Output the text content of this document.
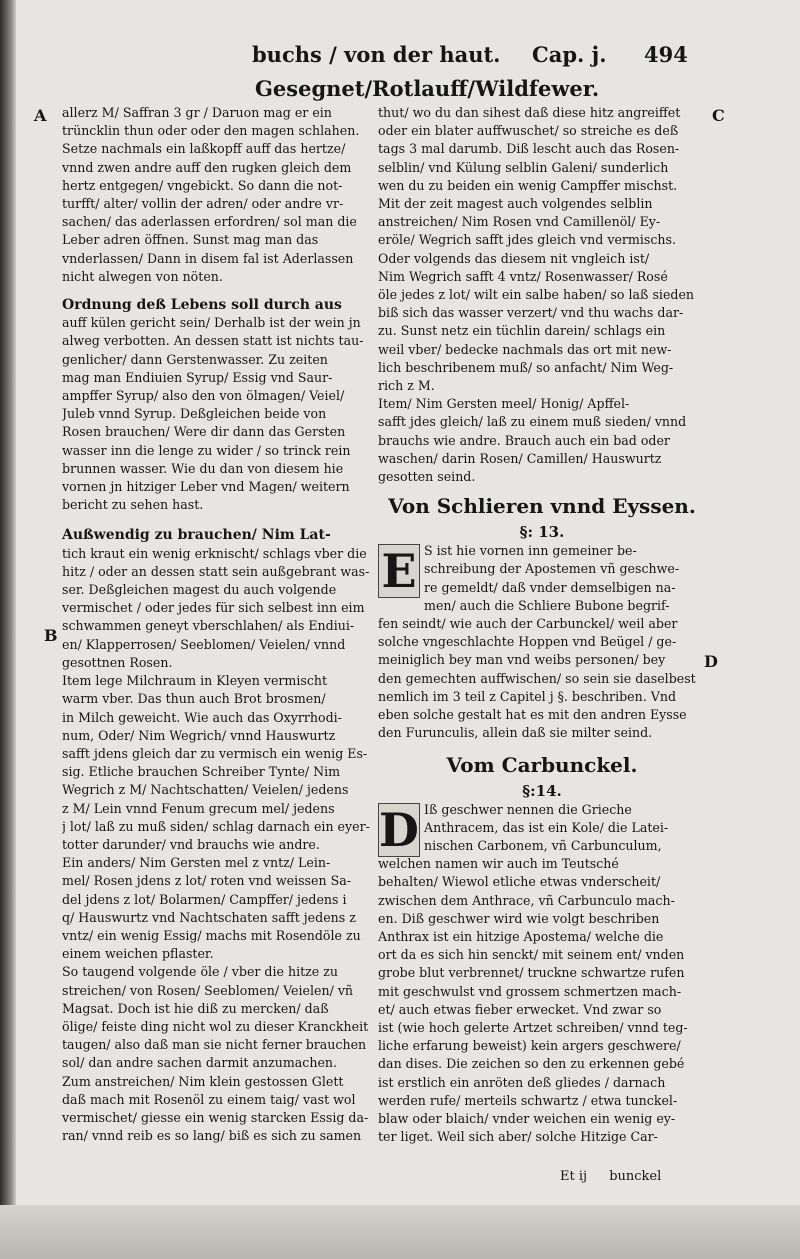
buchs / von der haut. Cap. j. 494
Gesegnet/Rotlauff/Wildfewer.
A
B
C
D
allerz M/ Saffran 3 gr / Daruon mag er ein
trüncklin thun oder oder den magen schlahen.
Setze nachmals ein laßkopff auff das hertze/
vnnd zwen andre auff den rugken gleich dem
hertz entgegen/ vngebickt. So dann die not-
turfft/ alter/ vollin der adren/ oder andre vr-
sachen/ das aderlassen erfordren/ sol man die
Leber adren öffnen. Sunst mag man das
vnderlassen/ Dann in disem fal ist Aderlassen
nicht alwegen von nöten.
Ordnung deß Lebens soll durch aus
auff külen gericht sein/ Derhalb ist der wein jn
alweg verbotten. An dessen statt ist nichts tau-
genlicher/ dann Gerstenwasser. Zu zeiten
mag man Endiuien Syrup/ Essig vnd Saur-
ampffer Syrup/ also den von ölmagen/ Veiel/
Juleb vnnd Syrup. Deßgleichen beide von
Rosen brauchen/ Were dir dann das Gersten
wasser inn die lenge zu wider / so trinck rein
brunnen wasser. Wie du dan von diesem hie
vornen jn hitziger Leber vnd Magen/ weitern
bericht zu sehen hast.
Außwendig zu brauchen/ Nim Lat-
tich kraut ein wenig erknischt/ schlags vber die
hitz / oder an dessen statt sein außgebrant was-
ser. Deßgleichen magest du auch volgende
vermischet / oder jedes für sich selbest inn eim
schwammen geneyt vberschlahen/ als Endiui-
en/ Klapperrosen/ Seeblomen/ Veielen/ vnnd
gesottnen Rosen.
Item lege Milchraum in Kleyen vermischt
warm vber. Das thun auch Brot brosmen/
in Milch geweicht. Wie auch das Oxyrrhodi-
num, Oder/ Nim Wegrich/ vnnd Hauswurtz
safft jdens gleich dar zu vermisch ein wenig Es-
sig. Etliche brauchen Schreiber Tynte/ Nim
Wegrich z M/ Nachtschatten/ Veielen/ jedens
z M/ Lein vnnd Fenum grecum mel/ jedens
j lot/ laß zu muß siden/ schlag darnach ein eyer-
totter darunder/ vnd brauchs wie andre.
Ein anders/ Nim Gersten mel z vntz/ Lein-
mel/ Rosen jdens z lot/ roten vnd weissen Sa-
del jdens z lot/ Bolarmen/ Campffer/ jedens i
q/ Hauswurtz vnd Nachtschaten safft jedens z
vntz/ ein wenig Essig/ machs mit Rosendöle zu
einem weichen pflaster.
So taugend volgende öle / vber die hitze zu
streichen/ von Rosen/ Seeblomen/ Veielen/ vñ
Magsat. Doch ist hie diß zu mercken/ daß
ölige/ feiste ding nicht wol zu dieser Kranckheit
taugen/ also daß man sie nicht ferner brauchen
sol/ dan andre sachen darmit anzumachen.
Zum anstreichen/ Nim klein gestossen Glett
daß mach mit Rosenöl zu einem taig/ vast wol
vermischet/ giesse ein wenig starcken Essig da-
ran/ vnnd reib es so lang/ biß es sich zu samen
thut/ wo du dan sihest daß diese hitz angreiffet
oder ein blater auffwuschet/ so streiche es deß
tags 3 mal darumb. Diß lescht auch das Rosen-
selblin/ vnd Külung selblin Galeni/ sunderlich
wen du zu beiden ein wenig Campffer mischst.
Mit der zeit magest auch volgendes selblin
anstreichen/ Nim Rosen vnd Camillenöl/ Ey-
eröle/ Wegrich safft jdes gleich vnd vermischs.
Oder volgends das diesem nit vngleich ist/
Nim Wegrich safft 4 vntz/ Rosenwasser/ Rosé
öle jedes z lot/ wilt ein salbe haben/ so laß sieden
biß sich das wasser verzert/ vnd thu wachs dar-
zu. Sunst netz ein tüchlin darein/ schlags ein
weil vber/ bedecke nachmals das ort mit new-
lich beschribenem muß/ so anfacht/ Nim Weg-
rich z M.
Item/ Nim Gersten meel/ Honig/ Apffel-
safft jdes gleich/ laß zu einem muß sieden/ vnnd
brauchs wie andre. Brauch auch ein bad oder
waschen/ darin Rosen/ Camillen/ Hauswurtz
gesotten seind.
Von Schlieren vnnd Eyssen.
§: 13.
E S ist hie vornen inn gemeiner be-
schreibung der Apostemen vñ geschwe-
re gemeldt/ daß vnder demselbigen na-
men/ auch die Schliere Bubone begrif-
fen seindt/ wie auch der Carbunckel/ weil aber
solche vngeschlachte Hoppen vnd Beügel / ge-
meiniglich bey man vnd weibs personen/ bey
den gemechten auffwischen/ so sein sie daselbest
nemlich im 3 teil z Capitel j §. beschriben. Vnd
eben solche gestalt hat es mit den andren Eysse
den Furunculis, allein daß sie milter seind.
Vom Carbunckel.
§:14.
D Iß geschwer nennen die Grieche
Anthracem, das ist ein Kole/ die Latei-
nischen Carbonem, vñ Carbunculum,
welchen namen wir auch im Teutsché
behalten/ Wiewol etliche etwas vnderscheit/
zwischen dem Anthrace, vñ Carbunculo mach-
en. Diß geschwer wird wie volgt beschriben
Anthrax ist ein hitzige Apostema/ welche die
ort da es sich hin senckt/ mit seinem ent/ vnden
grobe blut verbrennet/ truckne schwartze rufen
mit geschwulst vnd grossem schmertzen mach-
et/ auch etwas fieber erwecket. Vnd zwar so
ist (wie hoch gelerte Artzet schreiben/ vnnd teg-
liche erfarung beweist) kein argers geschwere/
dan dises. Die zeichen so den zu erkennen gebé
ist erstlich ein anröten deß gliedes / darnach
werden rufe/ merteils schwartz / etwa tunckel-
blaw oder blaich/ vnder weichen ein wenig ey-
ter liget. Weil sich aber/ solche Hitzige Car-
Et ij bunckel
